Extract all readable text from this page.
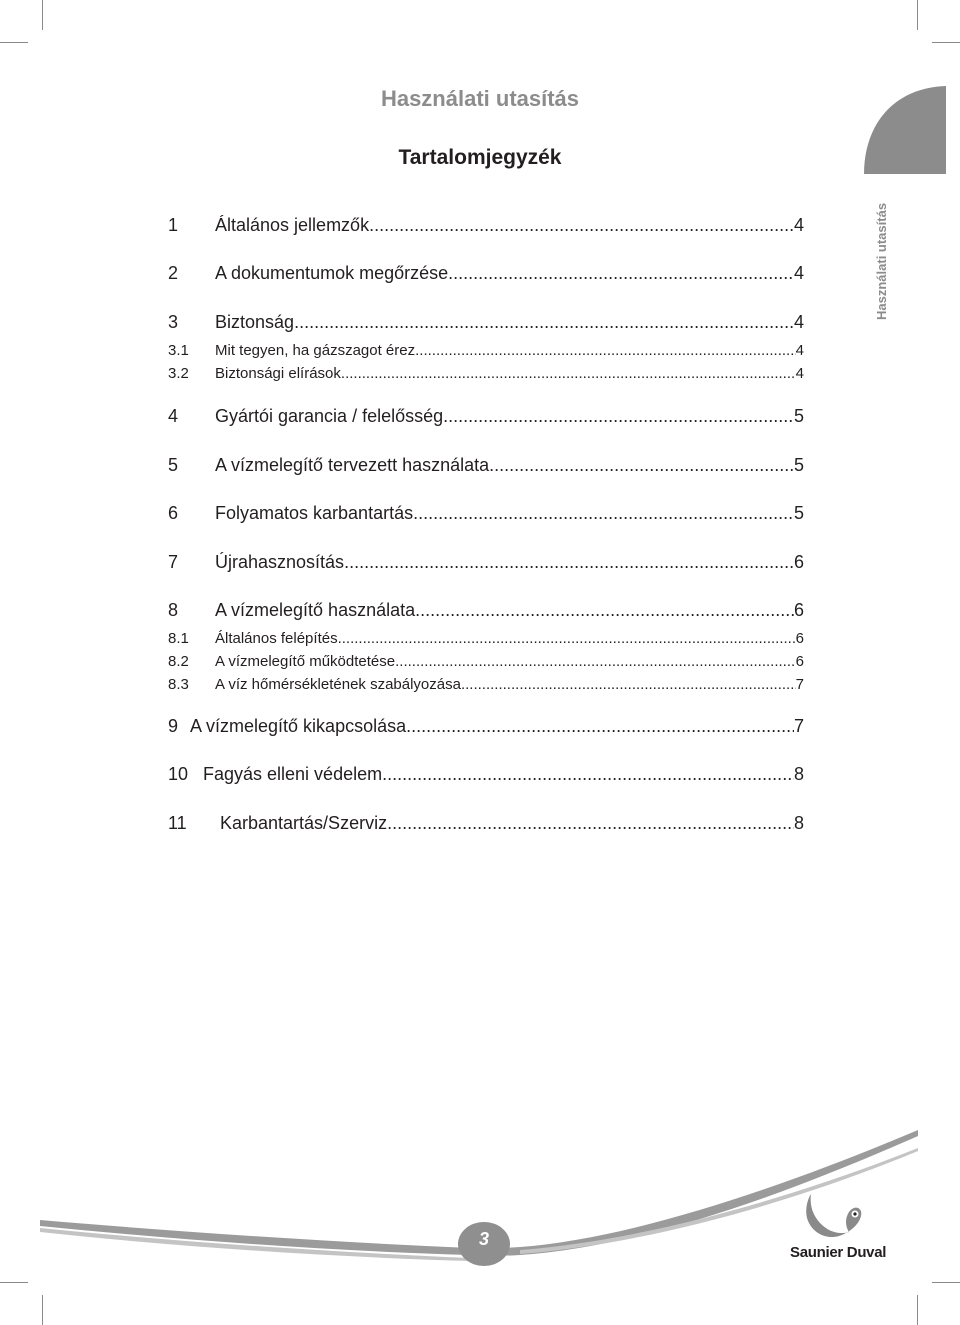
Használati utasítás
Tartalomjegyzék
Használati utasítás
1	Általános jellemzők .....	4
2	A dokumentumok megőrzése .....	4
3	Biztonság .....	4
3.1	Mit tegyen, ha gázszagot érez .....	4
3.2	Biztonsági elírások .....	4
4	Gyártói garancia / felelősség .....	5
5	A vízmelegítő tervezett használata .....	5
6	Folyamatos karbantartás .....	5
7	Újrahasznosítás .....	6
8	A vízmelegítő használata .....	6
8.1	Általános felépítés .....	6
8.2	A vízmelegítő működtetése .....	6
8.3	A víz hőmérsékletének szabályozása .....	7
9 A vízmelegítő kikapcsolása .....	7
10 Fagyás elleni védelem .....	8
11	Karbantartás/Szerviz .....	8
3
Saunier Duval
